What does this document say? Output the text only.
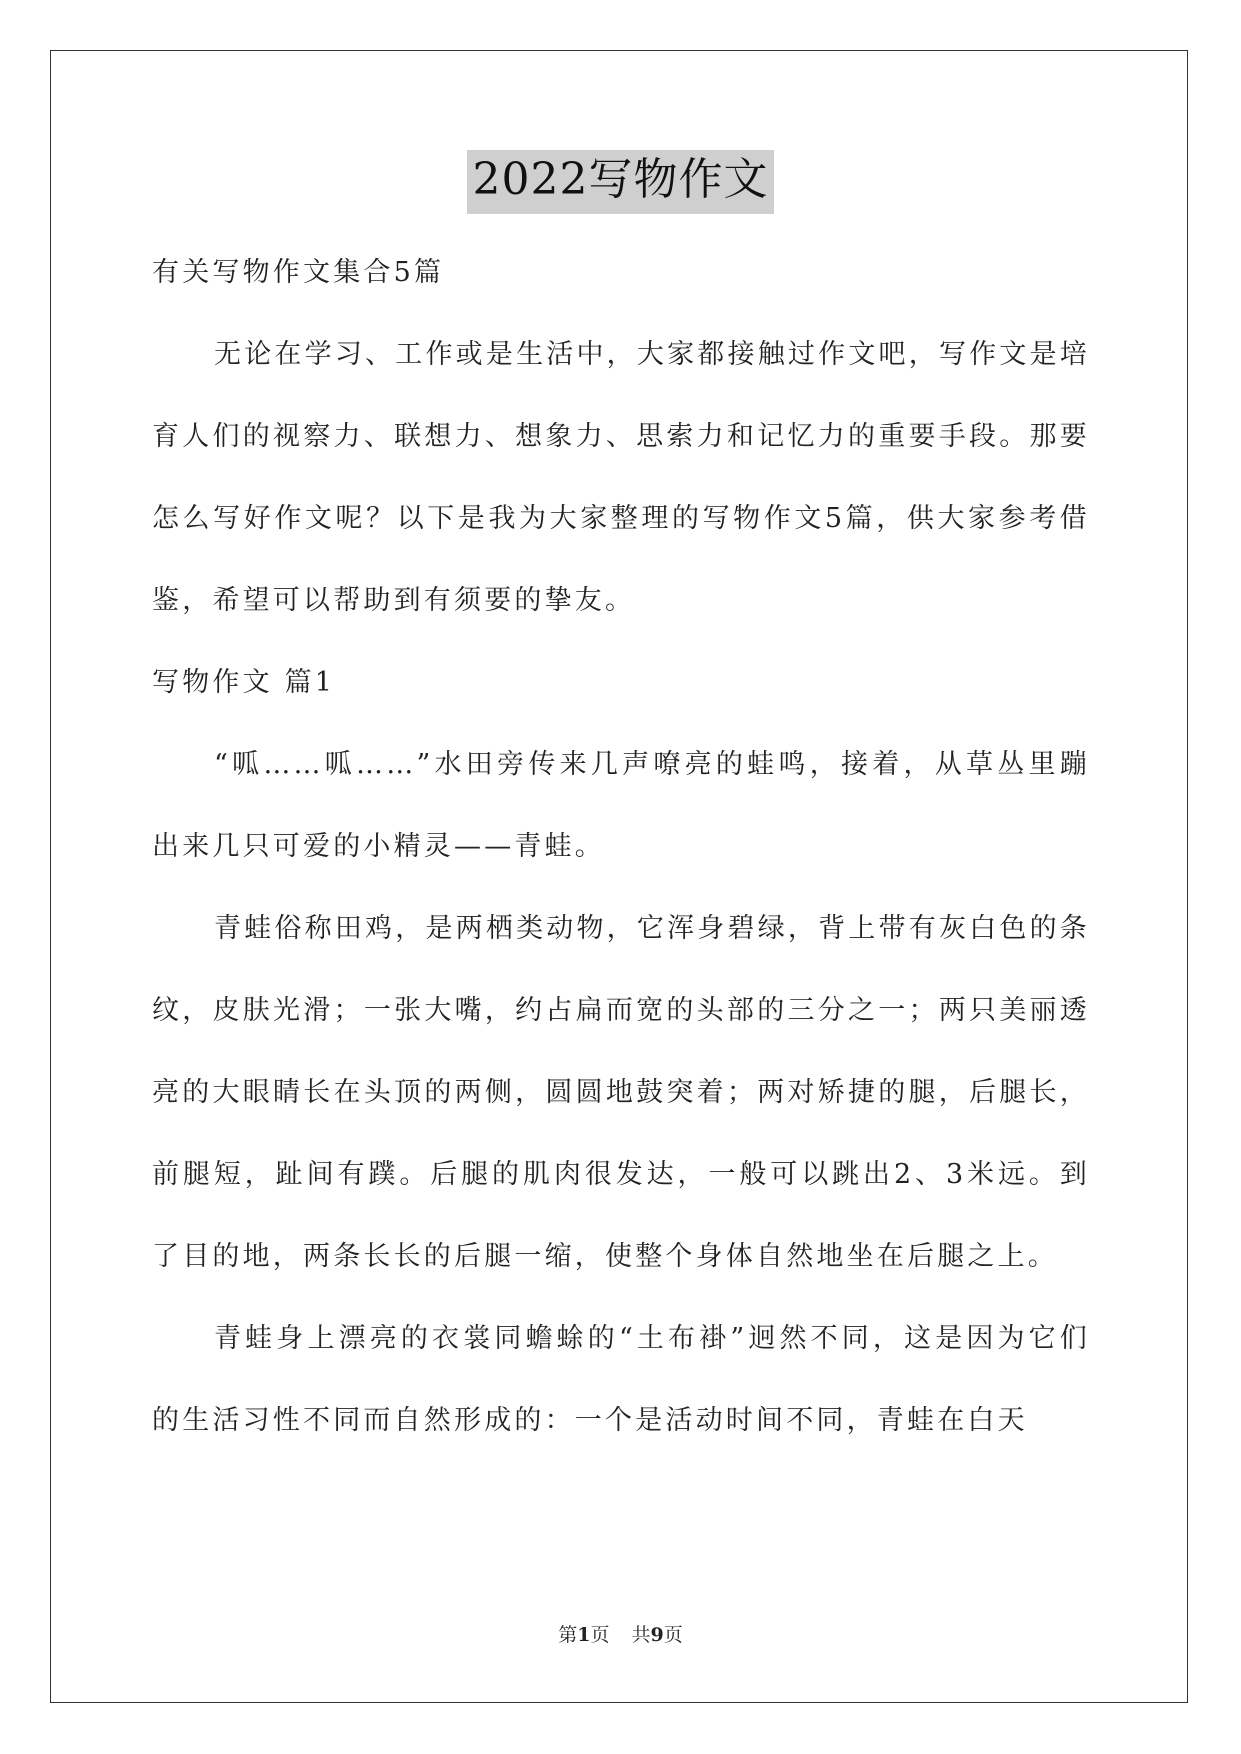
2022写物作文

有关写物作文集合5篇

无论在学习、工作或是生活中，大家都接触过作文吧，写作文是培育人们的视察力、联想力、想象力、思索力和记忆力的重要手段。那要怎么写好作文呢？以下是我为大家整理的写物作文5篇，供大家参考借鉴，希望可以帮助到有须要的挚友。

写物作文 篇1

“呱……呱……”水田旁传来几声嘹亮的蛙鸣，接着，从草丛里蹦出来几只可爱的小精灵——青蛙。

青蛙俗称田鸡，是两栖类动物，它浑身碧绿，背上带有灰白色的条纹，皮肤光滑；一张大嘴，约占扁而宽的头部的三分之一；两只美丽透亮的大眼睛长在头顶的两侧，圆圆地鼓突着；两对矫捷的腿，后腿长，前腿短，趾间有蹼。后腿的肌肉很发达，一般可以跳出2、3米远。到了目的地，两条长长的后腿一缩，使整个身体自然地坐在后腿之上。

青蛙身上漂亮的衣裳同蟾蜍的“土布褂”迥然不同，这是因为它们的生活习性不同而自然形成的：一个是活动时间不同，青蛙在白天

第1页 共9页
